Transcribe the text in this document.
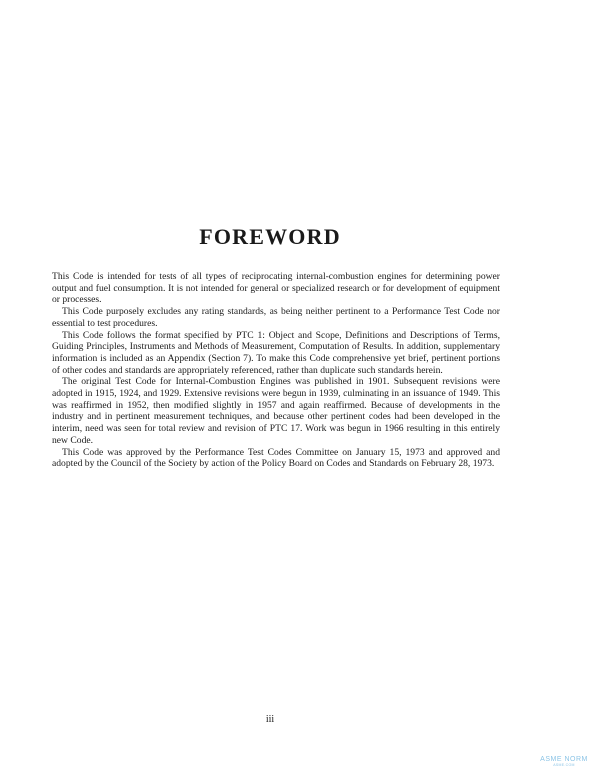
FOREWORD

This Code is intended for tests of all types of reciprocating internal-combustion engines for determining power output and fuel consumption. It is not intended for general or specialized research or for development of equipment or processes.

This Code purposely excludes any rating standards, as being neither pertinent to a Performance Test Code nor essential to test procedures.

This Code follows the format specified by PTC 1: Object and Scope, Definitions and Descriptions of Terms, Guiding Principles, Instruments and Methods of Measurement, Computation of Results. In addition, supplementary information is included as an Appendix (Section 7). To make this Code comprehensive yet brief, pertinent portions of other codes and standards are appropriately referenced, rather than duplicate such standards herein.

The original Test Code for Internal-Combustion Engines was published in 1901. Subsequent revisions were adopted in 1915, 1924, and 1929. Extensive revisions were begun in 1939, culminating in an issuance of 1949. This was reaffirmed in 1952, then modified slightly in 1957 and again reaffirmed. Because of developments in the industry and in pertinent measurement techniques, and because other pertinent codes had been developed in the interim, need was seen for total review and revision of PTC 17. Work was begun in 1966 resulting in this entirely new Code.

This Code was approved by the Performance Test Codes Committee on January 15, 1973 and approved and adopted by the Council of the Society by action of the Policy Board on Codes and Standards on February 28, 1973.

iii
ASME NORM
ASME.COM
